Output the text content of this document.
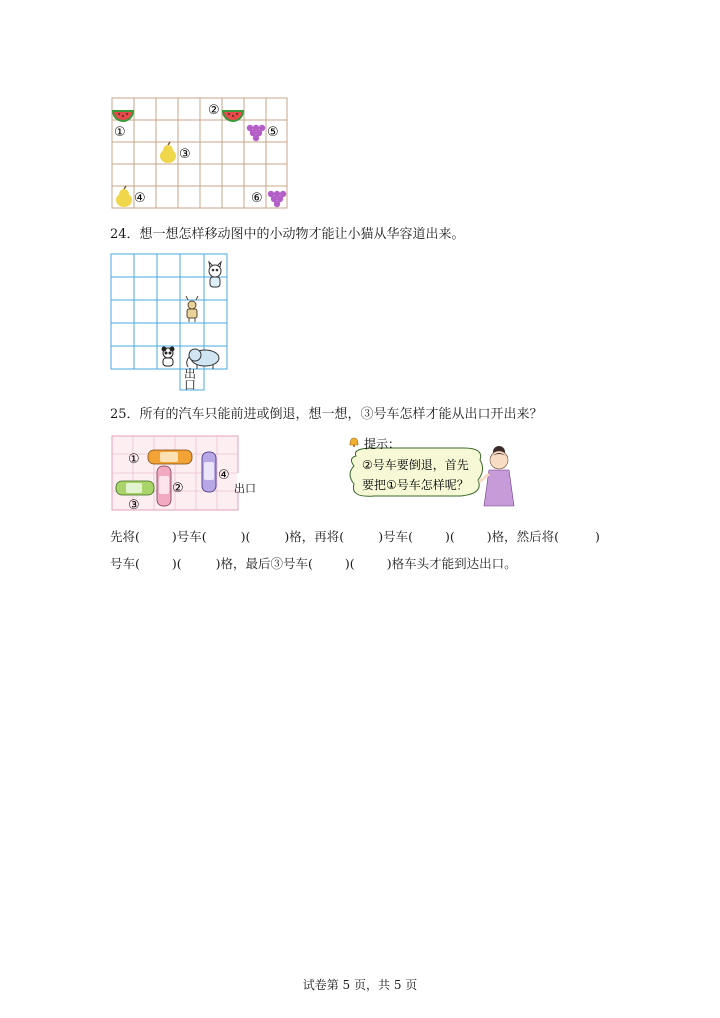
①
②
③
④
⑤
⑥
24．想一想怎样移动图中的小动物才能让小猫从华容道出来。
出口
25．所有的汽车只能前进或倒退，想一想，③号车怎样才能从出口开出来？
①
②
③
④
出口
提示：
②号车要倒退，首先
要把①号车怎样呢？
先将(	)号车(	)(	)格，再将(	)号车(	)(	)格，然后将(	)
号车(	)(	)格，最后③号车(	)(	)格车头才能到达出口。
试卷第 5 页，共 5 页
